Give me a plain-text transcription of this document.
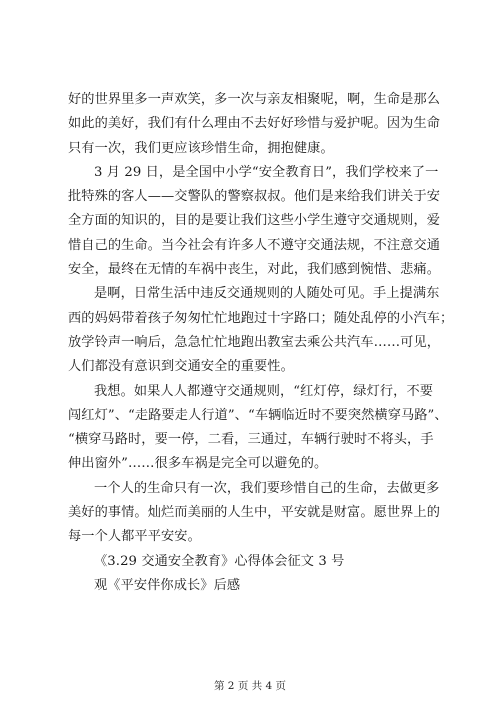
好的世界里多一声欢笑，多一次与亲友相聚呢，啊，生命是那么
如此的美好，我们有什么理由不去好好珍惜与爱护呢。因为生命
只有一次，我们更应该珍惜生命，拥抱健康。
3 月 29 日，是全国中小学“安全教育日”，我们学校来了一
批特殊的客人——交警队的警察叔叔。他们是来给我们讲关于安
全方面的知识的，目的是要让我们这些小学生遵守交通规则，爱
惜自己的生命。当今社会有许多人不遵守交通法规，不注意交通
安全，最终在无情的车祸中丧生，对此，我们感到惋惜、悲痛。
是啊，日常生活中违反交通规则的人随处可见。手上提满东
西的妈妈带着孩子匆匆忙忙地跑过十字路口；随处乱停的小汽车；
放学铃声一响后，急急忙忙地跑出教室去乘公共汽车……可见，
人们都没有意识到交通安全的重要性。
我想。如果人人都遵守交通规则，“红灯停，绿灯行，不要
闯红灯”、“走路要走人行道”、“车辆临近时不要突然横穿马路”、
“横穿马路时，要一停，二看，三通过，车辆行驶时不将头，手
伸出窗外”……很多车祸是完全可以避免的。
一个人的生命只有一次，我们要珍惜自己的生命，去做更多
美好的事情。灿烂而美丽的人生中，平安就是财富。愿世界上的
每一个人都平平安安。
《3.29 交通安全教育》心得体会征文 3 号
观《平安伴你成长》后感
第 2 页 共 4 页
